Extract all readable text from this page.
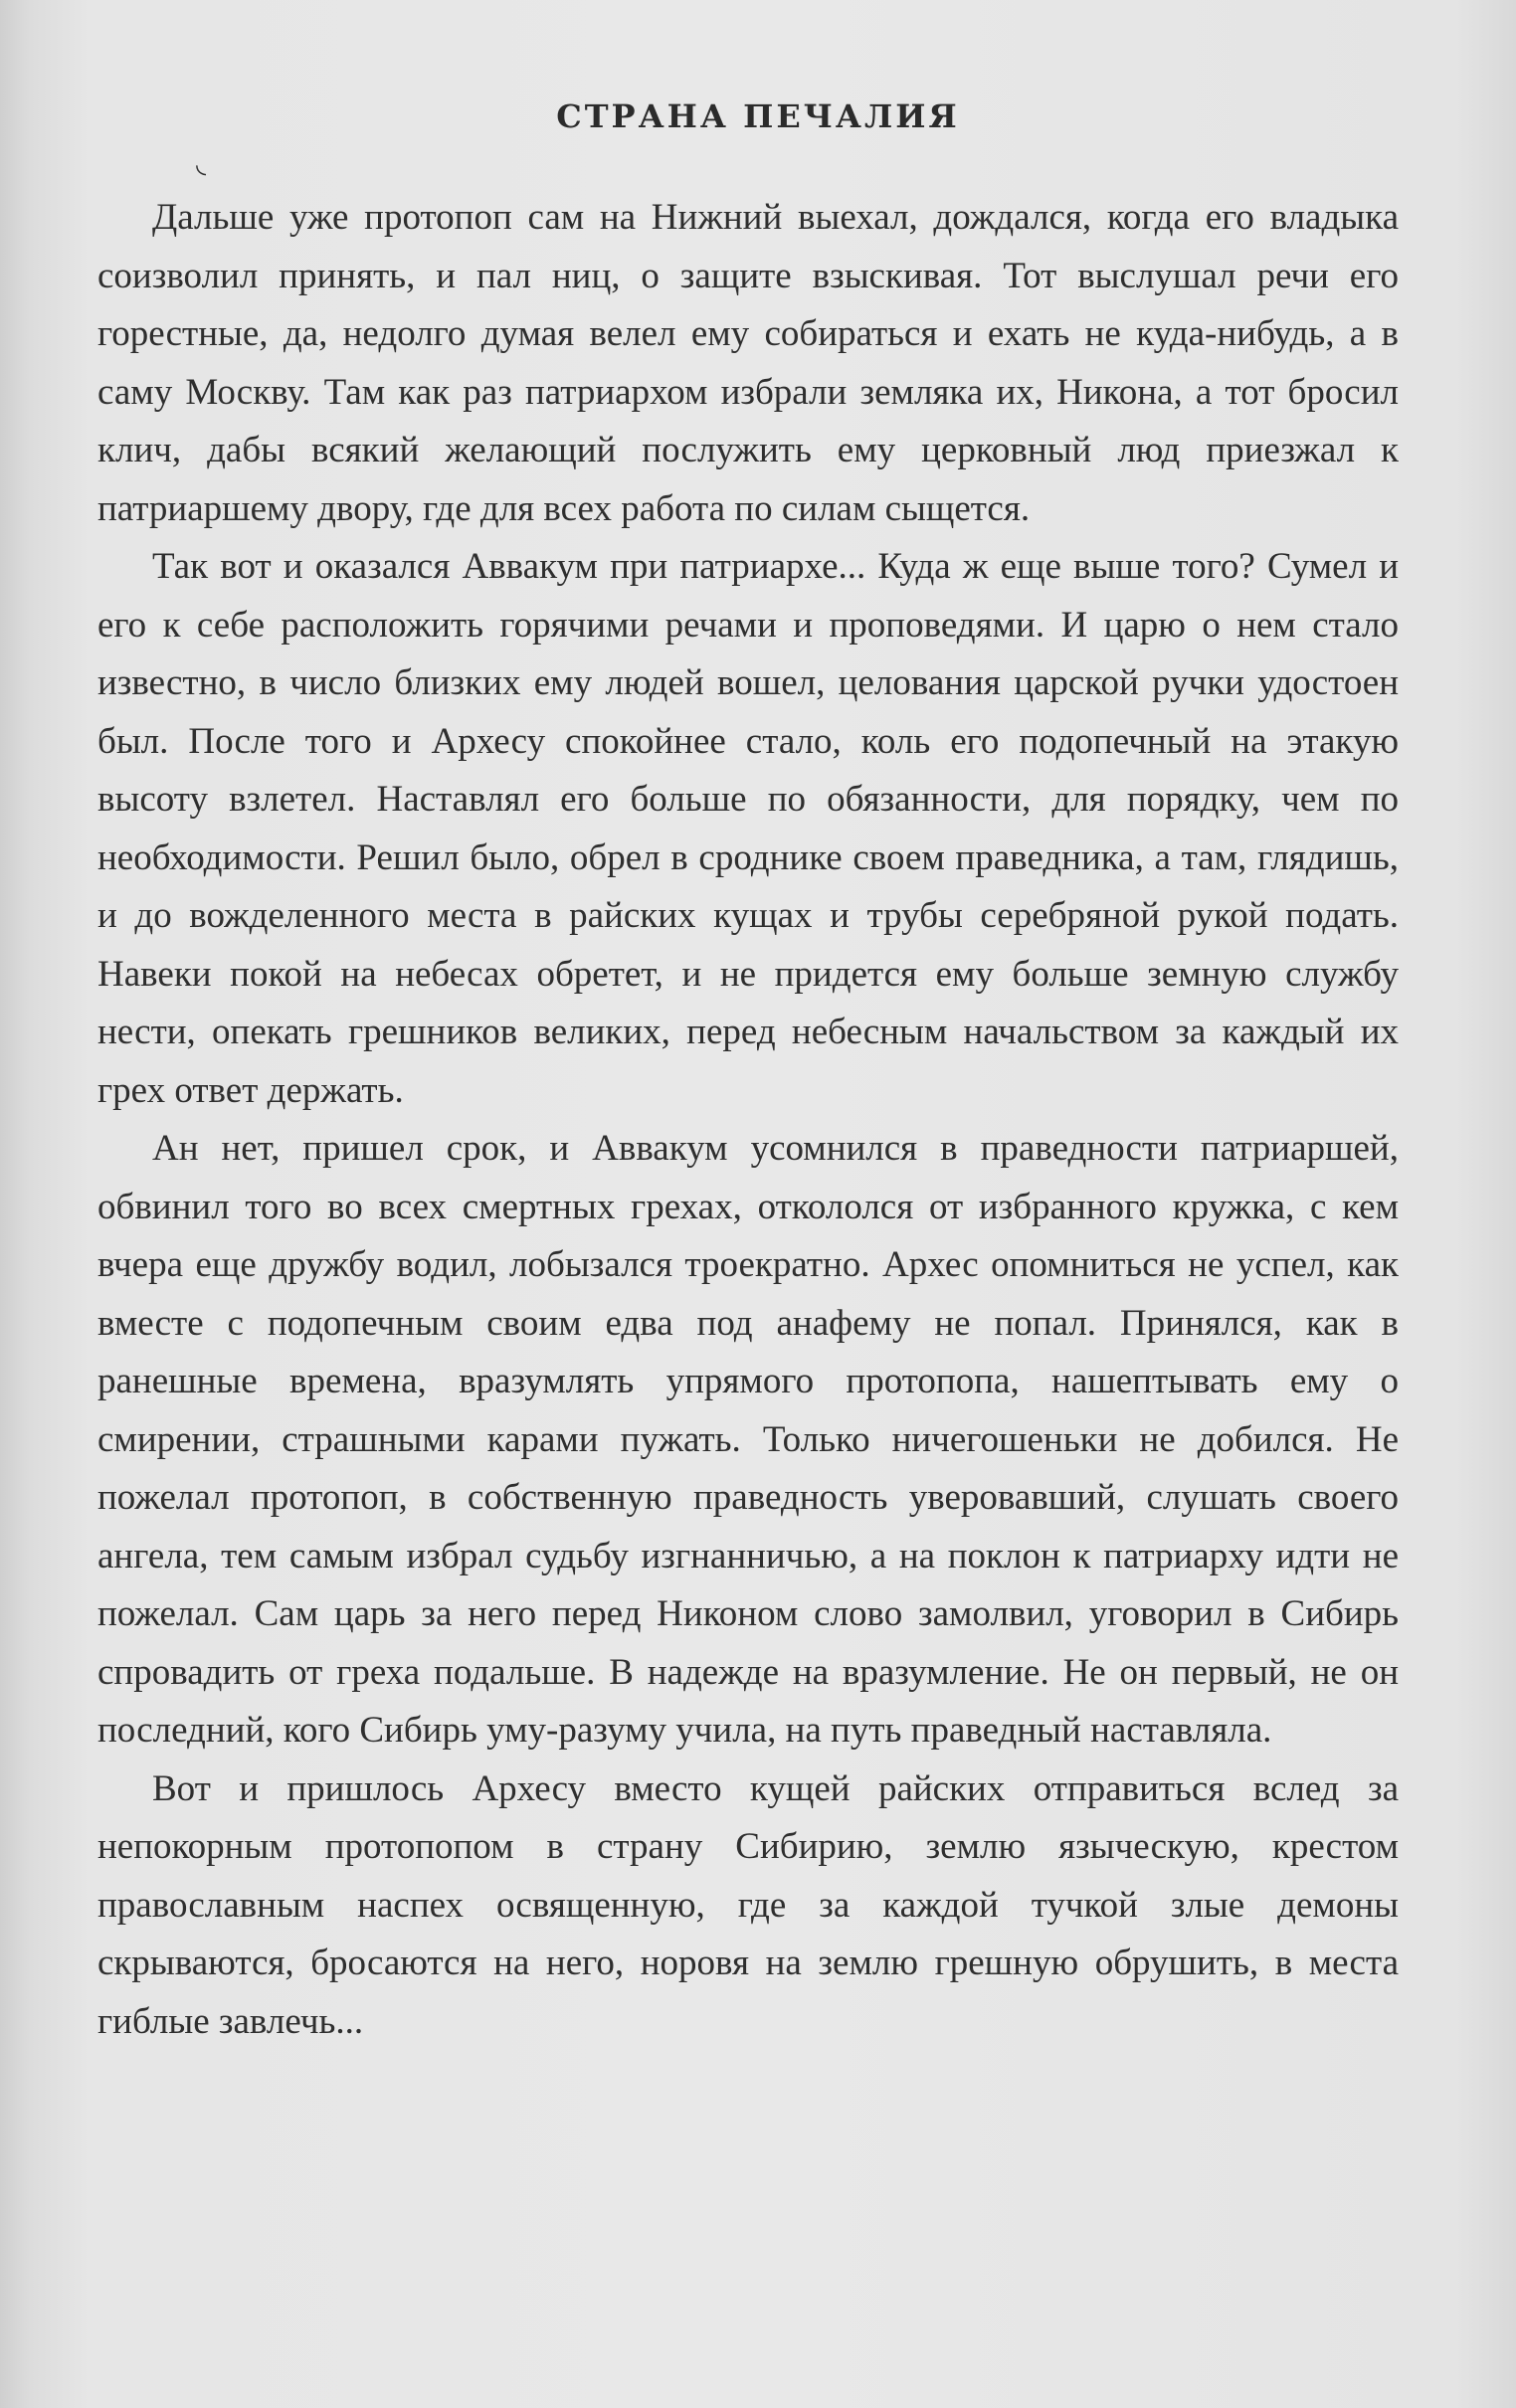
СТРАНА ПЕЧАЛИЯ
◟

Дальше уже протопоп сам на Нижний выехал, дождался, когда его владыка соизволил принять, и пал ниц, о защите взыскивая. Тот выслушал речи его горестные, да, недолго думая велел ему собираться и ехать не куда-нибудь, а в саму Москву. Там как раз патриархом избрали земляка их, Никона, а тот бросил клич, дабы всякий желающий послужить ему церковный люд приезжал к патриаршему двору, где для всех работа по силам сыщется.

Так вот и оказался Аввакум при патриархе... Куда ж еще выше того? Сумел и его к себе расположить горячими речами и проповедями. И царю о нем стало известно, в число близких ему людей вошел, целования царской ручки удостоен был. После того и Архесу спокойнее стало, коль его подопечный на этакую высоту взлетел. Наставлял его больше по обязанности, для порядку, чем по необходимости. Решил было, обрел в сроднике своем праведника, а там, глядишь, и до вожделенного места в райских кущах и трубы серебряной рукой подать. Навеки покой на небесах обретет, и не придется ему больше земную службу нести, опекать грешников великих, перед небесным начальством за каждый их грех ответ держать.

Ан нет, пришел срок, и Аввакум усомнился в праведности патриаршей, обвинил того во всех смертных грехах, откололся от избранного кружка, с кем вчера еще дружбу водил, лобызался троекратно. Архес опомниться не успел, как вместе с подопечным своим едва под анафему не попал. Принялся, как в ранешные времена, вразумлять упрямого протопопа, нашептывать ему о смирении, страшными карами пужать. Только ничегошеньки не добился. Не пожелал протопоп, в собственную праведность уверовавший, слушать своего ангела, тем самым избрал судьбу изгнанничью, а на поклон к патриарху идти не пожелал. Сам царь за него перед Никоном слово замолвил, уговорил в Сибирь спровадить от греха подальше. В надежде на вразумление. Не он первый, не он последний, кого Сибирь уму-разуму учила, на путь праведный наставляла.

Вот и пришлось Архесу вместо кущей райских отправиться вслед за непокорным протопопом в страну Сибирию, землю языческую, крестом православным наспех освященную, где за каждой тучкой злые демоны скрываются, бросаются на него, норовя на землю грешную обрушить, в места гиблые завлечь...
